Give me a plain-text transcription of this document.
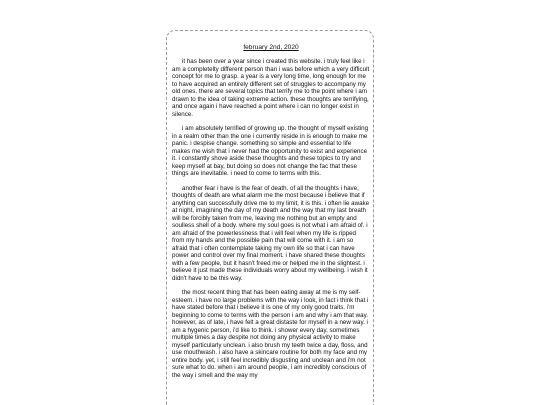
february 2nd, 2020

it has been over a year since i created this website. i truly feel like i am a completelty different person than i was before which a very difficult concept for me to grasp. a year is a very long time, long enough for me to have acquired an entirely different set of struggles to accompany my old ones. there are several topics that terrify me to the point where i am drawn to the idea of taking extreme action. these thoughts are terrifying, and once again i have reached a point where i can no longer exist in silence.

i am absolutely terrified of growing up. the thought of myself existing in a realm other than the one i currently reside in is enough to make me panic. i despise change. something so simple and essential to life makes me wish that i never had the opportunity to exist and experience it. i constantly shove aside these thoughts and these topics to try and keep myself at bay, but doing so does not change the fac that these things are inevitable. i need to come to terms with this.

another fear i have is the fear of death. of all the thoughts i have, thoughts of death are what alarm me the most because i believe that if anything can successfully drive me to my limit, it is this. i often lie awake at night, imagining the day of my death and the way that my last breath will be forcibly taken from me, leaving me nothing but an empty and soulless shell of a body. where my soul goes is not what i am afraid of. i am afraid of the powerlessness that i will feel when my life is ripped from my hands and the possible pain that will come with it. i am so afraid that i often contemplate taking my own life so that i can have power and control over my final moment. i have shared these thoughts with a few people, but it hasn't freed me or helped me in the slightest. i believe it just made these individuals worry about my wellbeing. i wish it didn't have to be this way.

the most recent thing that has been eating away at me is my self-esteem. i have no large problems with the way i look, in fact i think that i have stated before that i believe it is one of my only good traits. i'm beginning to come to terms with the person i am and why i am that way. however, as of late, i have felt a great distaste for myself in a new way. i am a hygenic person, i'd like to think. i shower every day, sometimes multiple times a day despite not doing any physical activity to make myself particularly unclean. i also brush my teeth twice a day, floss, and use mouthwash. i also have a skincare routine for both my face and my entire body. yet, i still feel incredibly disgusting and unclean and i'm not sure what to do. when i am around people, i am incredibly conscious of the way i smell and the way my
